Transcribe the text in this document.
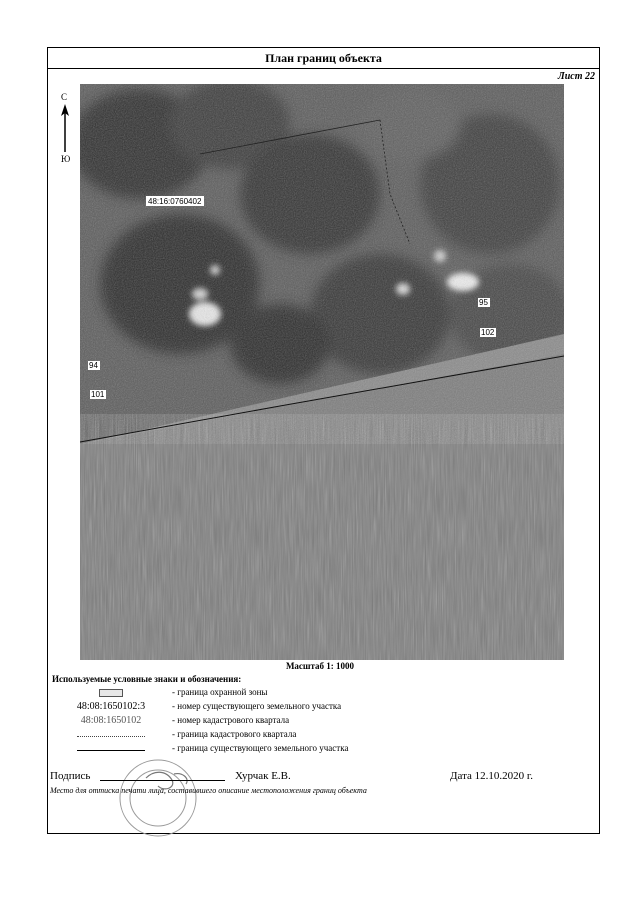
План границ объекта
Лист 22
С
Ю
48:16:0760402
94
101
95
102
Масштаб 1: 1000
Используемые условные знаки и обозначения:
- граница охранной зоны
48:08:1650102:3	- номер существующего земельного участка
48:08:1650102	- номер кадастрового квартала
- граница кадастрового квартала
- граница существующего земельного участка
Подпись	Хурчак Е.В.	Дата 12.10.2020 г.
Место для оттиска печати лица, составившего описание местоположения границ объекта
